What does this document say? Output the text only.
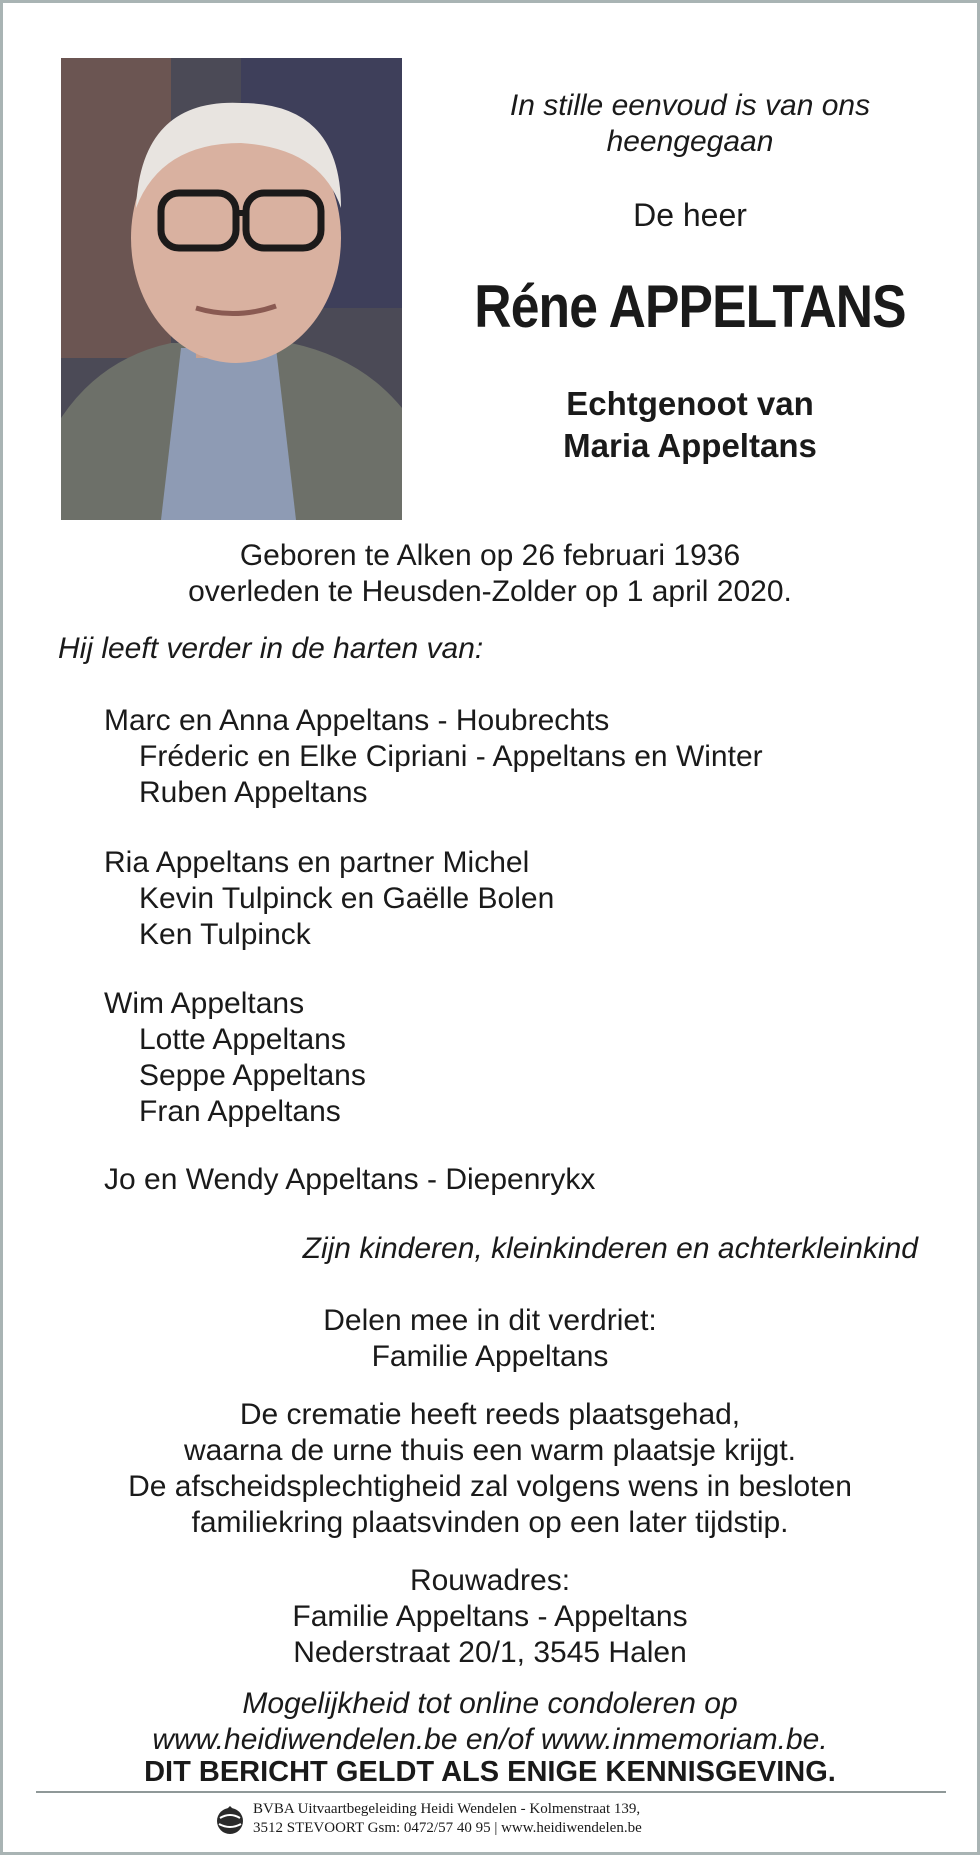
In stille eenvoud is van ons
heengegaan
De heer
Réne APPELTANS
Echtgenoot van
Maria Appeltans
Geboren te Alken op 26 februari 1936
overleden te Heusden-Zolder op 1 april 2020.
Hij leeft verder in de harten van:
Marc en Anna Appeltans - Houbrechts
Fréderic en Elke Cipriani - Appeltans en Winter
Ruben Appeltans
Ria Appeltans en partner Michel
Kevin Tulpinck en Gaëlle Bolen
Ken Tulpinck
Wim Appeltans
Lotte Appeltans
Seppe Appeltans
Fran Appeltans
Jo en Wendy Appeltans - Diepenrykx
Zijn kinderen, kleinkinderen en achterkleinkind
Delen mee in dit verdriet:
Familie Appeltans
De crematie heeft reeds plaatsgehad,
waarna de urne thuis een warm plaatsje krijgt.
De afscheidsplechtigheid zal volgens wens in besloten
familiekring plaatsvinden op een later tijdstip.
Rouwadres:
Familie Appeltans - Appeltans
Nederstraat 20/1, 3545 Halen
Mogelijkheid tot online condoleren op
www.heidiwendelen.be en/of www.inmemoriam.be.
DIT BERICHT GELDT ALS ENIGE KENNISGEVING.
BVBA Uitvaartbegeleiding Heidi Wendelen - Kolmenstraat 139,
3512 STEVOORT Gsm: 0472/57 40 95 | www.heidiwendelen.be
